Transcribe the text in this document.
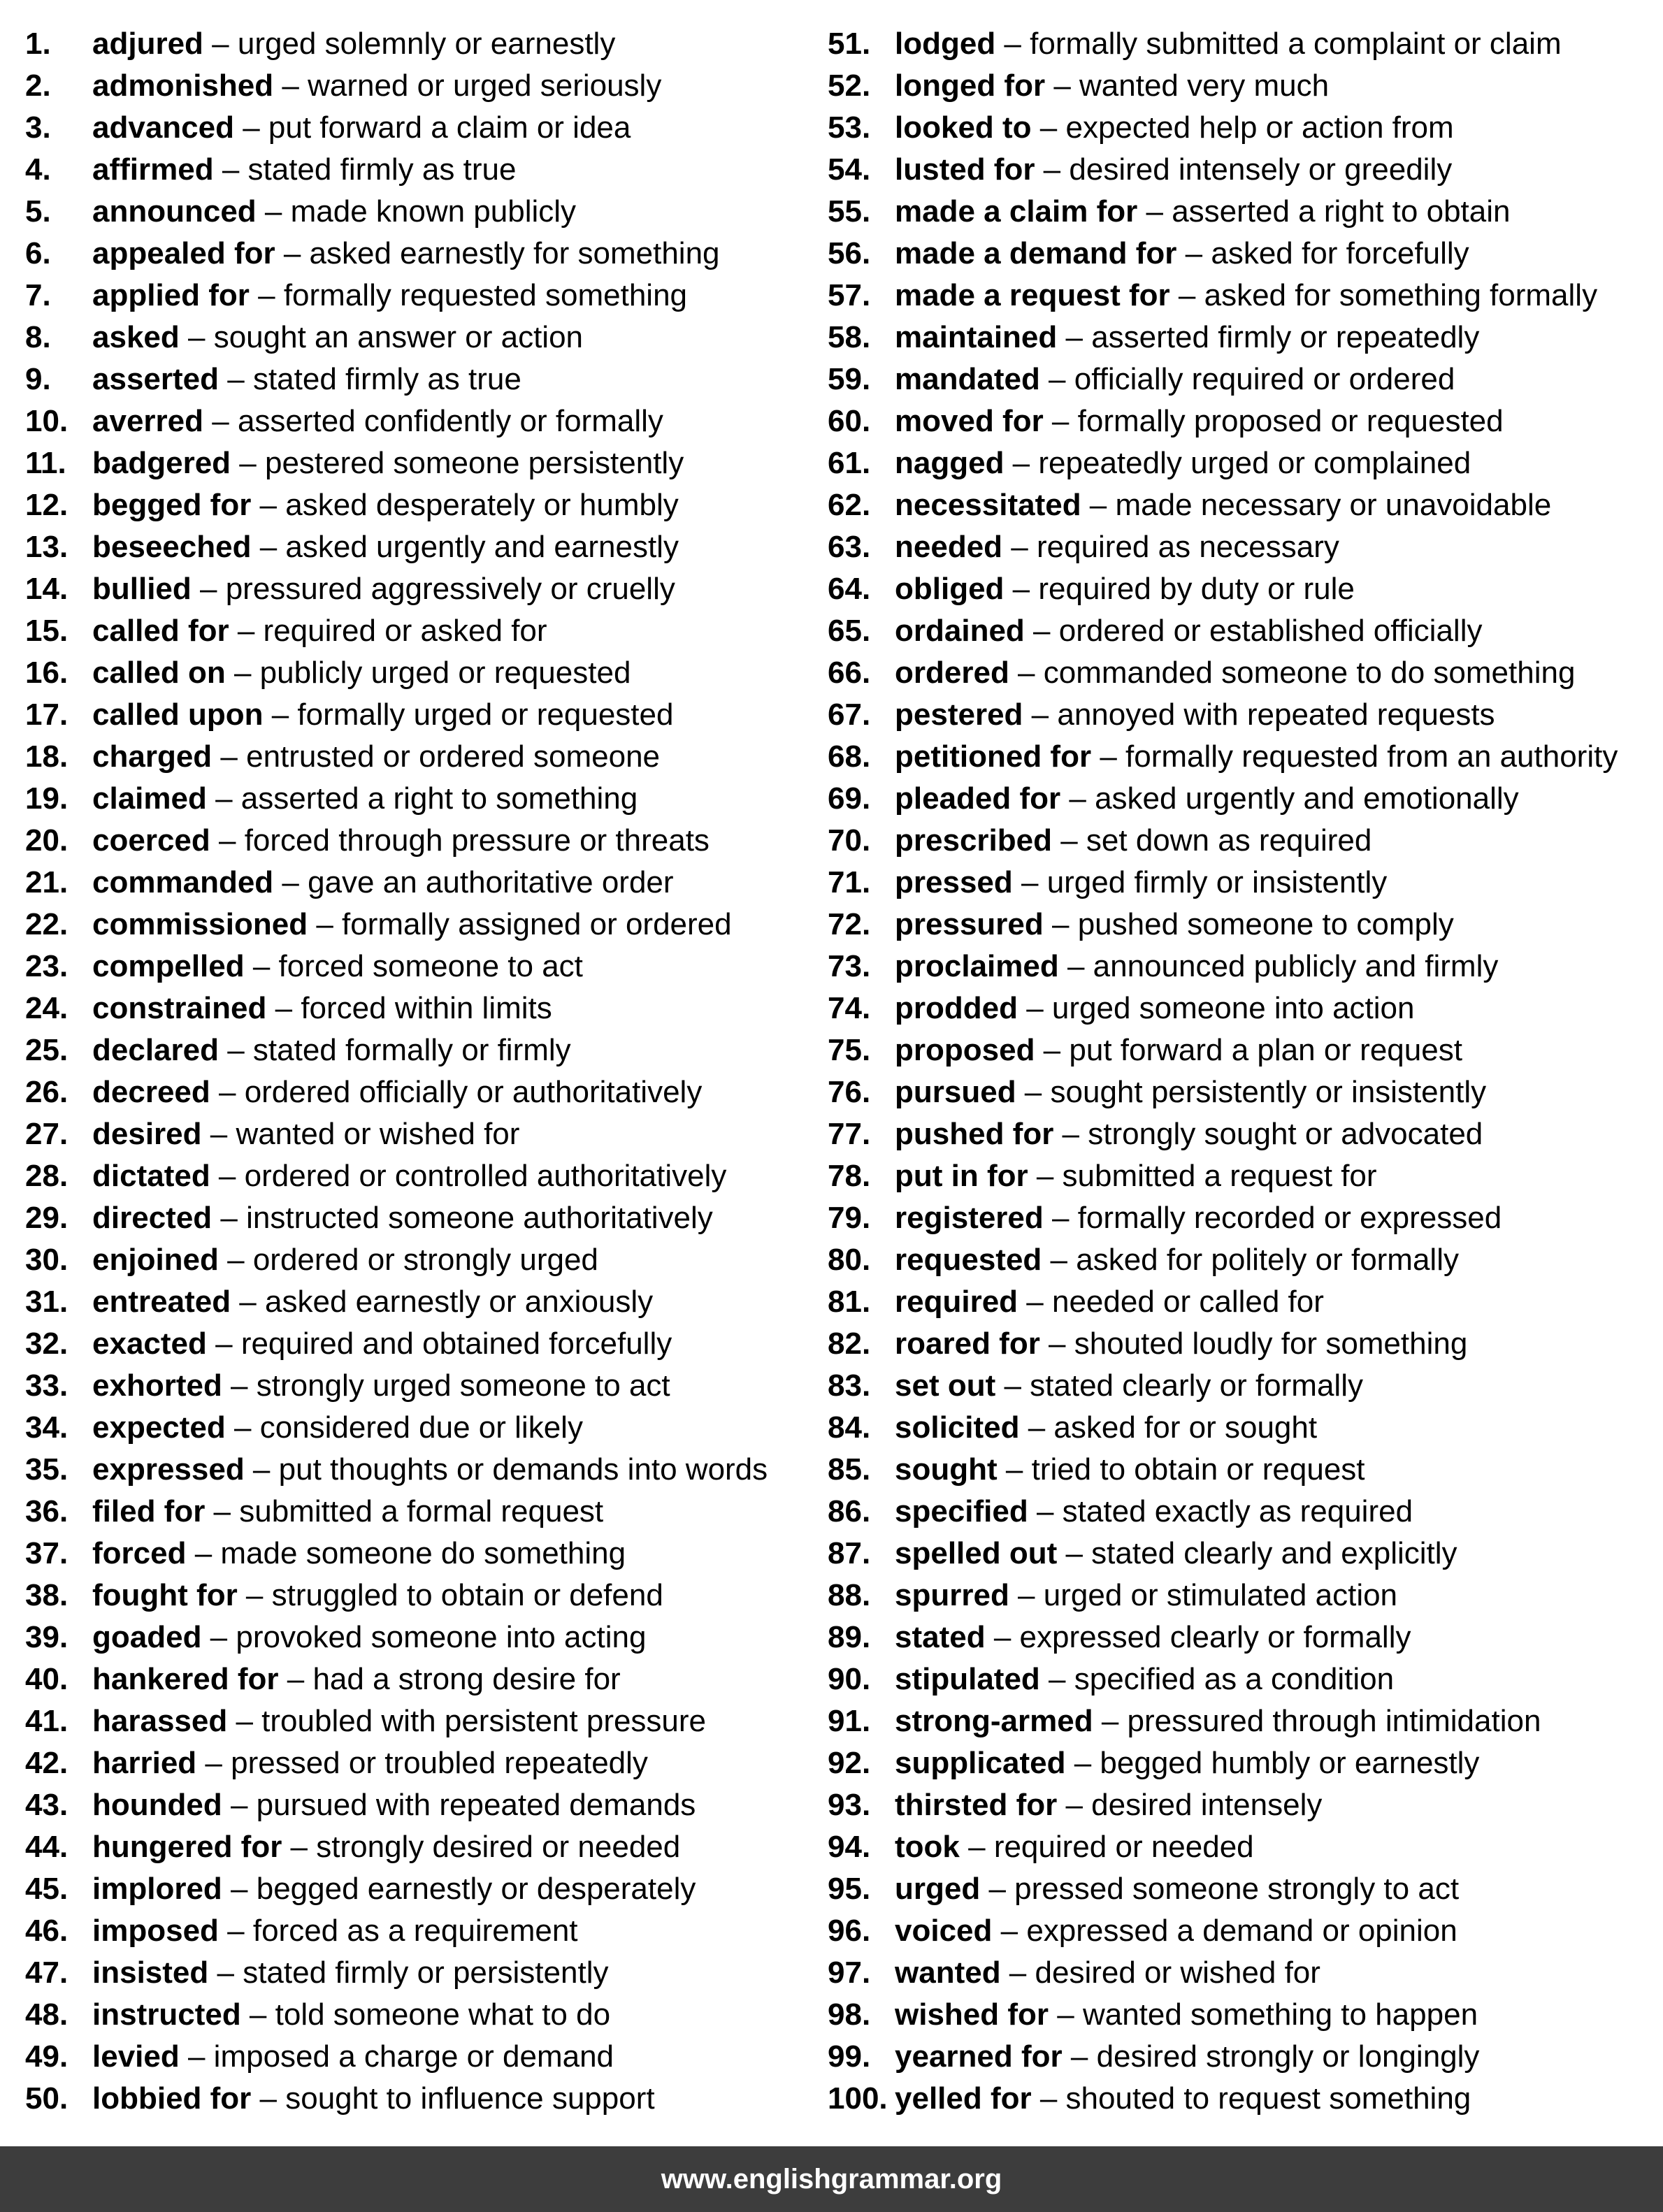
1. adjured – urged solemnly or earnestly
2. admonished – warned or urged seriously
3. advanced – put forward a claim or idea
4. affirmed – stated firmly as true
5. announced – made known publicly
6. appealed for – asked earnestly for something
7. applied for – formally requested something
8. asked – sought an answer or action
9. asserted – stated firmly as true
10. averred – asserted confidently or formally
11. badgered – pestered someone persistently
12. begged for – asked desperately or humbly
13. beseeched – asked urgently and earnestly
14. bullied – pressured aggressively or cruelly
15. called for – required or asked for
16. called on – publicly urged or requested
17. called upon – formally urged or requested
18. charged – entrusted or ordered someone
19. claimed – asserted a right to something
20. coerced – forced through pressure or threats
21. commanded – gave an authoritative order
22. commissioned – formally assigned or ordered
23. compelled – forced someone to act
24. constrained – forced within limits
25. declared – stated formally or firmly
26. decreed – ordered officially or authoritatively
27. desired – wanted or wished for
28. dictated – ordered or controlled authoritatively
29. directed – instructed someone authoritatively
30. enjoined – ordered or strongly urged
31. entreated – asked earnestly or anxiously
32. exacted – required and obtained forcefully
33. exhorted – strongly urged someone to act
34. expected – considered due or likely
35. expressed – put thoughts or demands into words
36. filed for – submitted a formal request
37. forced – made someone do something
38. fought for – struggled to obtain or defend
39. goaded – provoked someone into acting
40. hankered for – had a strong desire for
41. harassed – troubled with persistent pressure
42. harried – pressed or troubled repeatedly
43. hounded – pursued with repeated demands
44. hungered for – strongly desired or needed
45. implored – begged earnestly or desperately
46. imposed – forced as a requirement
47. insisted – stated firmly or persistently
48. instructed – told someone what to do
49. levied – imposed a charge or demand
50. lobbied for – sought to influence support
51. lodged – formally submitted a complaint or claim
52. longed for – wanted very much
53. looked to – expected help or action from
54. lusted for – desired intensely or greedily
55. made a claim for – asserted a right to obtain
56. made a demand for – asked for forcefully
57. made a request for – asked for something formally
58. maintained – asserted firmly or repeatedly
59. mandated – officially required or ordered
60. moved for – formally proposed or requested
61. nagged – repeatedly urged or complained
62. necessitated – made necessary or unavoidable
63. needed – required as necessary
64. obliged – required by duty or rule
65. ordained – ordered or established officially
66. ordered – commanded someone to do something
67. pestered – annoyed with repeated requests
68. petitioned for – formally requested from an authority
69. pleaded for – asked urgently and emotionally
70. prescribed – set down as required
71. pressed – urged firmly or insistently
72. pressured – pushed someone to comply
73. proclaimed – announced publicly and firmly
74. prodded – urged someone into action
75. proposed – put forward a plan or request
76. pursued – sought persistently or insistently
77. pushed for – strongly sought or advocated
78. put in for – submitted a request for
79. registered – formally recorded or expressed
80. requested – asked for politely or formally
81. required – needed or called for
82. roared for – shouted loudly for something
83. set out – stated clearly or formally
84. solicited – asked for or sought
85. sought – tried to obtain or request
86. specified – stated exactly as required
87. spelled out – stated clearly and explicitly
88. spurred – urged or stimulated action
89. stated – expressed clearly or formally
90. stipulated – specified as a condition
91. strong-armed – pressured through intimidation
92. supplicated – begged humbly or earnestly
93. thirsted for – desired intensely
94. took – required or needed
95. urged – pressed someone strongly to act
96. voiced – expressed a demand or opinion
97. wanted – desired or wished for
98. wished for – wanted something to happen
99. yearned for – desired strongly or longingly
100. yelled for – shouted to request something
www.englishgrammar.org
